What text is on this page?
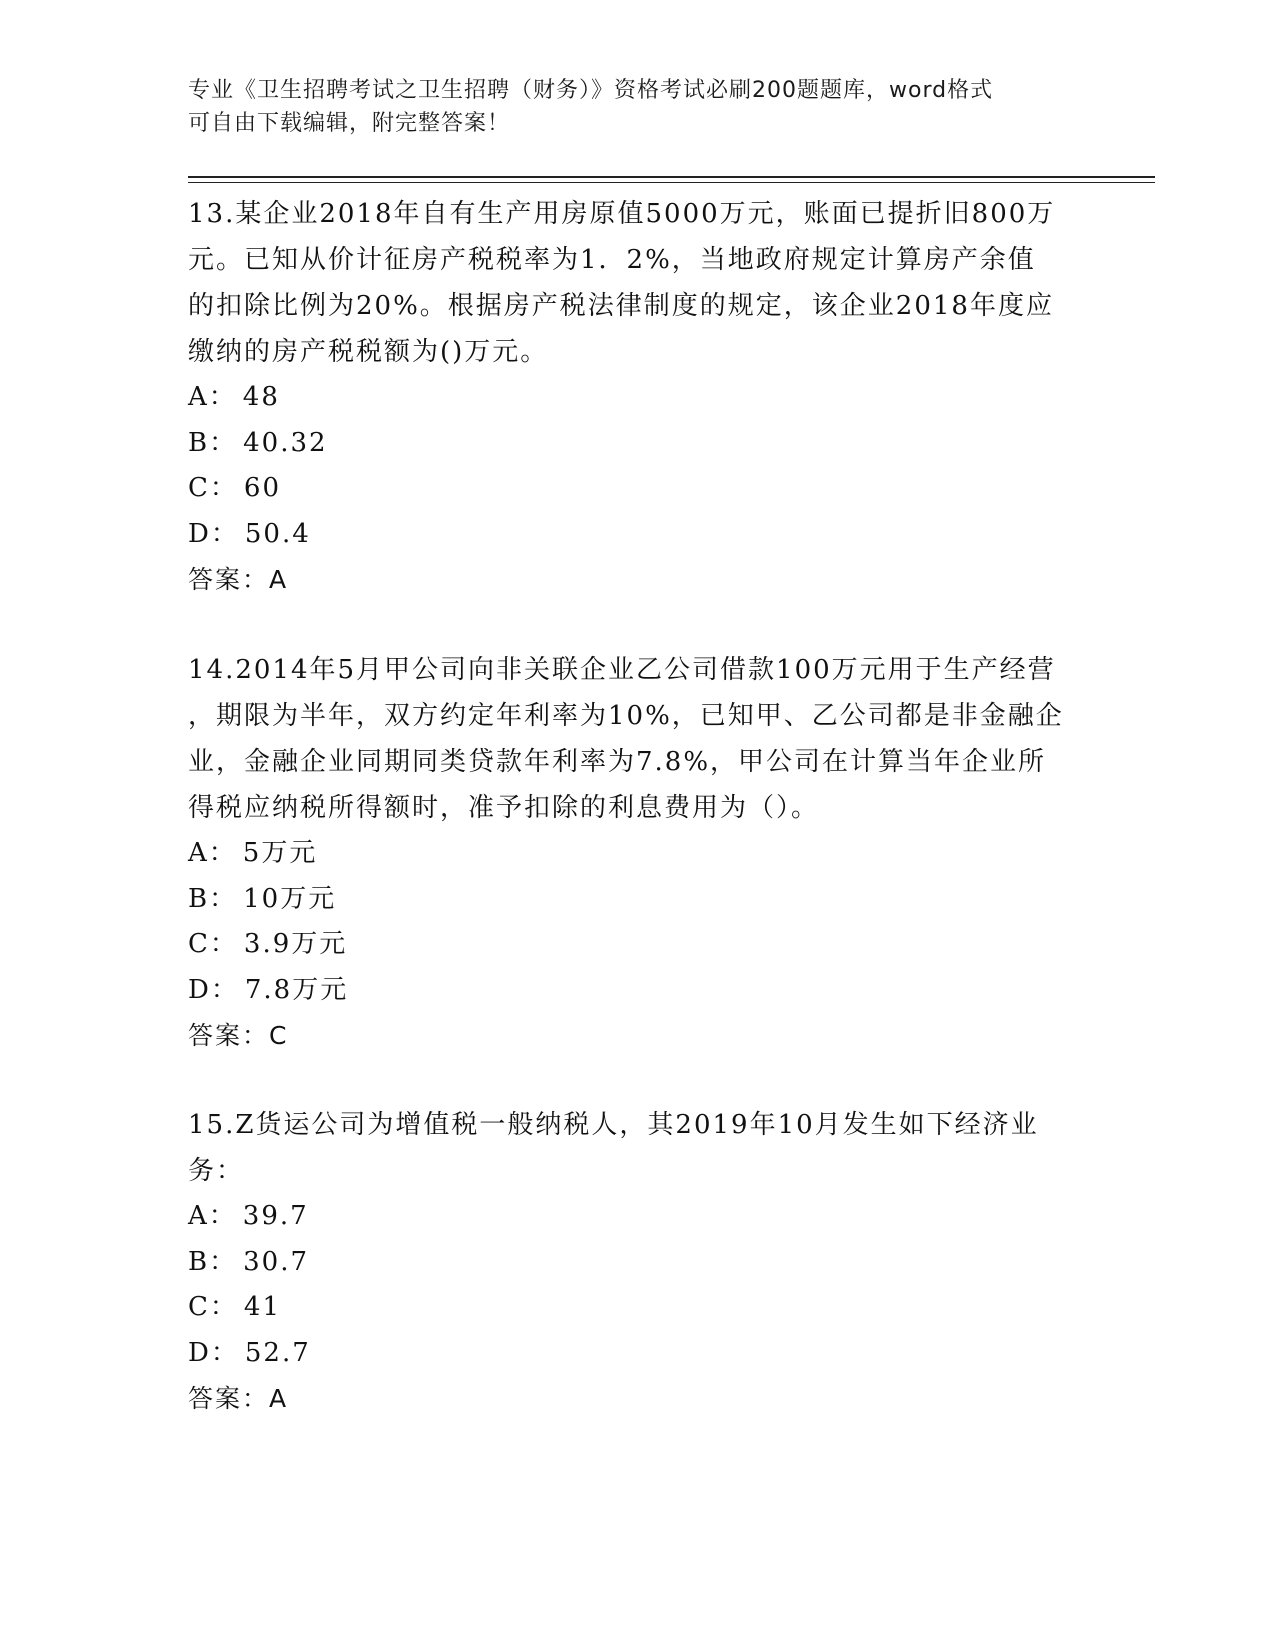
专业《卫生招聘考试之卫生招聘（财务）》资格考试必刷200题题库，word格式
可自由下载编辑，附完整答案！

13.某企业2018年自有生产用房原值5000万元，账面已提折旧800万

元。已知从价计征房产税税率为1．2%，当地政府规定计算房产余值

的扣除比例为20%。根据房产税法律制度的规定，该企业2018年度应

缴纳的房产税税额为()万元。

A： 48

B： 40.32

C： 60

D： 50.4

答案：A

14.2014年5月甲公司向非关联企业乙公司借款100万元用于生产经营

，期限为半年，双方约定年利率为10%，已知甲、乙公司都是非金融企

业，金融企业同期同类贷款年利率为7.8%，甲公司在计算当年企业所

得税应纳税所得额时，准予扣除的利息费用为（）。

A： 5万元

B： 10万元

C： 3.9万元

D： 7.8万元

答案：C

15.Z货运公司为增值税一般纳税人，其2019年10月发生如下经济业

务：

A： 39.7

B： 30.7

C： 41

D： 52.7

答案：A
